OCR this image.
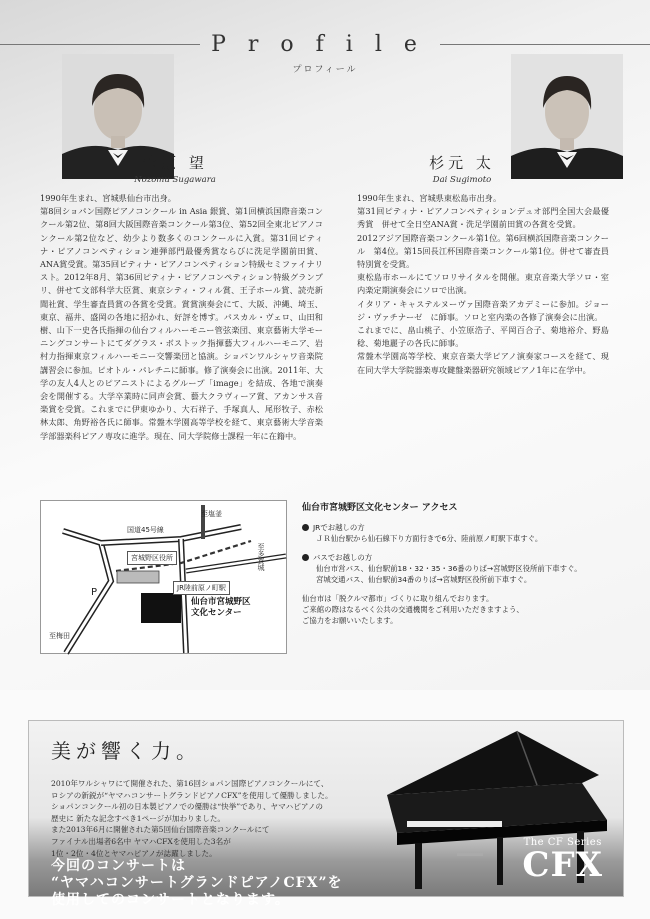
Profile
プロフィール
菅原 望
Nozomu Sugawara

1990年生まれ、宮城県仙台市出身。

第8回ショパン国際ピアノコンクール in Asia 銀賞、第1回横浜国際音楽コンクール第2位、第8回大阪国際音楽コンクール第3位、第52回全東北ピアノコンクール第2位など、幼少より数多くのコンクールに入賞。第31回ピティナ・ピアノコンペティション連弾部門最優秀賞ならびに洗足学園前田賞、ANA賞受賞。第35回ピティナ・ピアノコンペティション特級セミファイナリスト。2012年8月、第36回ピティナ・ピアノコンペティション特級グランプリ、併せて文部科学大臣賞、東京シティ・フィル賞、王子ホール賞、読売新聞社賞、学生審査員賞の各賞を受賞。賞賞演奏会にて、大阪、沖縄、埼玉、東京、福井、盛岡の各地に招かれ、好評を博す。パスカル・ヴェロ、山田和樹、山下一史各氏指揮の仙台フィルハーモニー管弦楽団、東京藝術大学モーニングコンサートにてダグラス・ボストック指揮藝大フィルハーモニア、岩村力指揮東京フィルハーモニー交響楽団と協演。ショパンワルシャワ音楽院講習会に参加。ピオトル・パレチニに師事。修了演奏会に出演。2011年、大学の友人4人とのピアニストによるグループ「image」を結成、各地で演奏会を開催する。大学卒業時に同声会賞、藝大クラヴィーア賞、アカンサス音楽賞を受賞。これまでに伊東ゆかり、大石祥子、手塚真人、尾形牧子、赤松林太郎、角野裕各氏に師事。常盤木学園高等学校を経て、東京藝術大学音楽学部器楽科ピアノ専攻に進学。現在、同大学院修士課程一年に在籍中。

杉元 太
Dai Sugimoto

1990年生まれ、宮城県東松島市出身。

第31回ピティナ・ピアノコンペティションデュオ部門全国大会最優秀賞　併せて全日空ANA賞・洗足学園前田賞の各賞を受賞。

2012アジア国際音楽コンクール第1位。第6回横浜国際音楽コンクール　第4位。第15回長江杯国際音楽コンクール第1位。併せて審査員特別賞を受賞。

東松島市ホールにてソロリサイタルを開催。東京音楽大学ソロ・室内楽定期演奏会にソロで出演。

イタリア・キャステルヌーヴァ国際音楽アカデミーに参加。ジョージ・ヴァチナーゼ　に師事。ソロと室内楽の各修了演奏会に出演。

これまでに、畠山桃子、小笠原浩子、平岡百合子、菊地裕介、野島稔、菊地麗子の各氏に師事。

常盤木学園高等学校、東京音楽大学ピアノ演奏家コースを経て、現在同大学大学院器楽専攻鍵盤楽器研究領域ピアノ1年に在学中。

国道45号線
至塩釜
至多賀城
宮城野区役所
JR陸前原ノ町駅
P
至梅田
仙台市宮城野区
文化センター
仙台市宮城野区文化センター アクセス
JRでお越しの方
ＪＲ仙台駅から仙石線下り方面行きで6分、陸前原ノ町駅下車すぐ。
バスでお越しの方
仙台市営バス、仙台駅前18・32・35・36番のりば→宮城野区役所前下車すぐ。
宮城交通バス、仙台駅前34番のりば→宮城野区役所前下車すぐ。
仙台市は「脱クルマ都市」づくりに取り組んでおります。
ご来館の際はなるべく公共の交通機関をご利用いただきますよう、
ご協力をお願いいたします。
美が響く力。

2010年ワルシャワにて開催された、第16回ショパン国際ピアノコンクールにて、

ロシアの新鋭が“ヤマハコンサートグランドピアノCFX”を使用して優勝しました。

ショパンコンクール初の日本製ピアノでの優勝は“快挙”であり、ヤマハピアノの

歴史に 新たな記念すべき1ページが加わりました。

また2013年6月に開催された第5回仙台国際音楽コンクールにて

ファイナル出場者6名中 ヤマハCFXを使用した3名が

1位・2位・4位とヤマハピアノが誌躍しました。

今回のコンサートは

“ヤマハコンサートグランドピアノCFX”を

使用してのコンサートとなります。

The CF Series
CFX
